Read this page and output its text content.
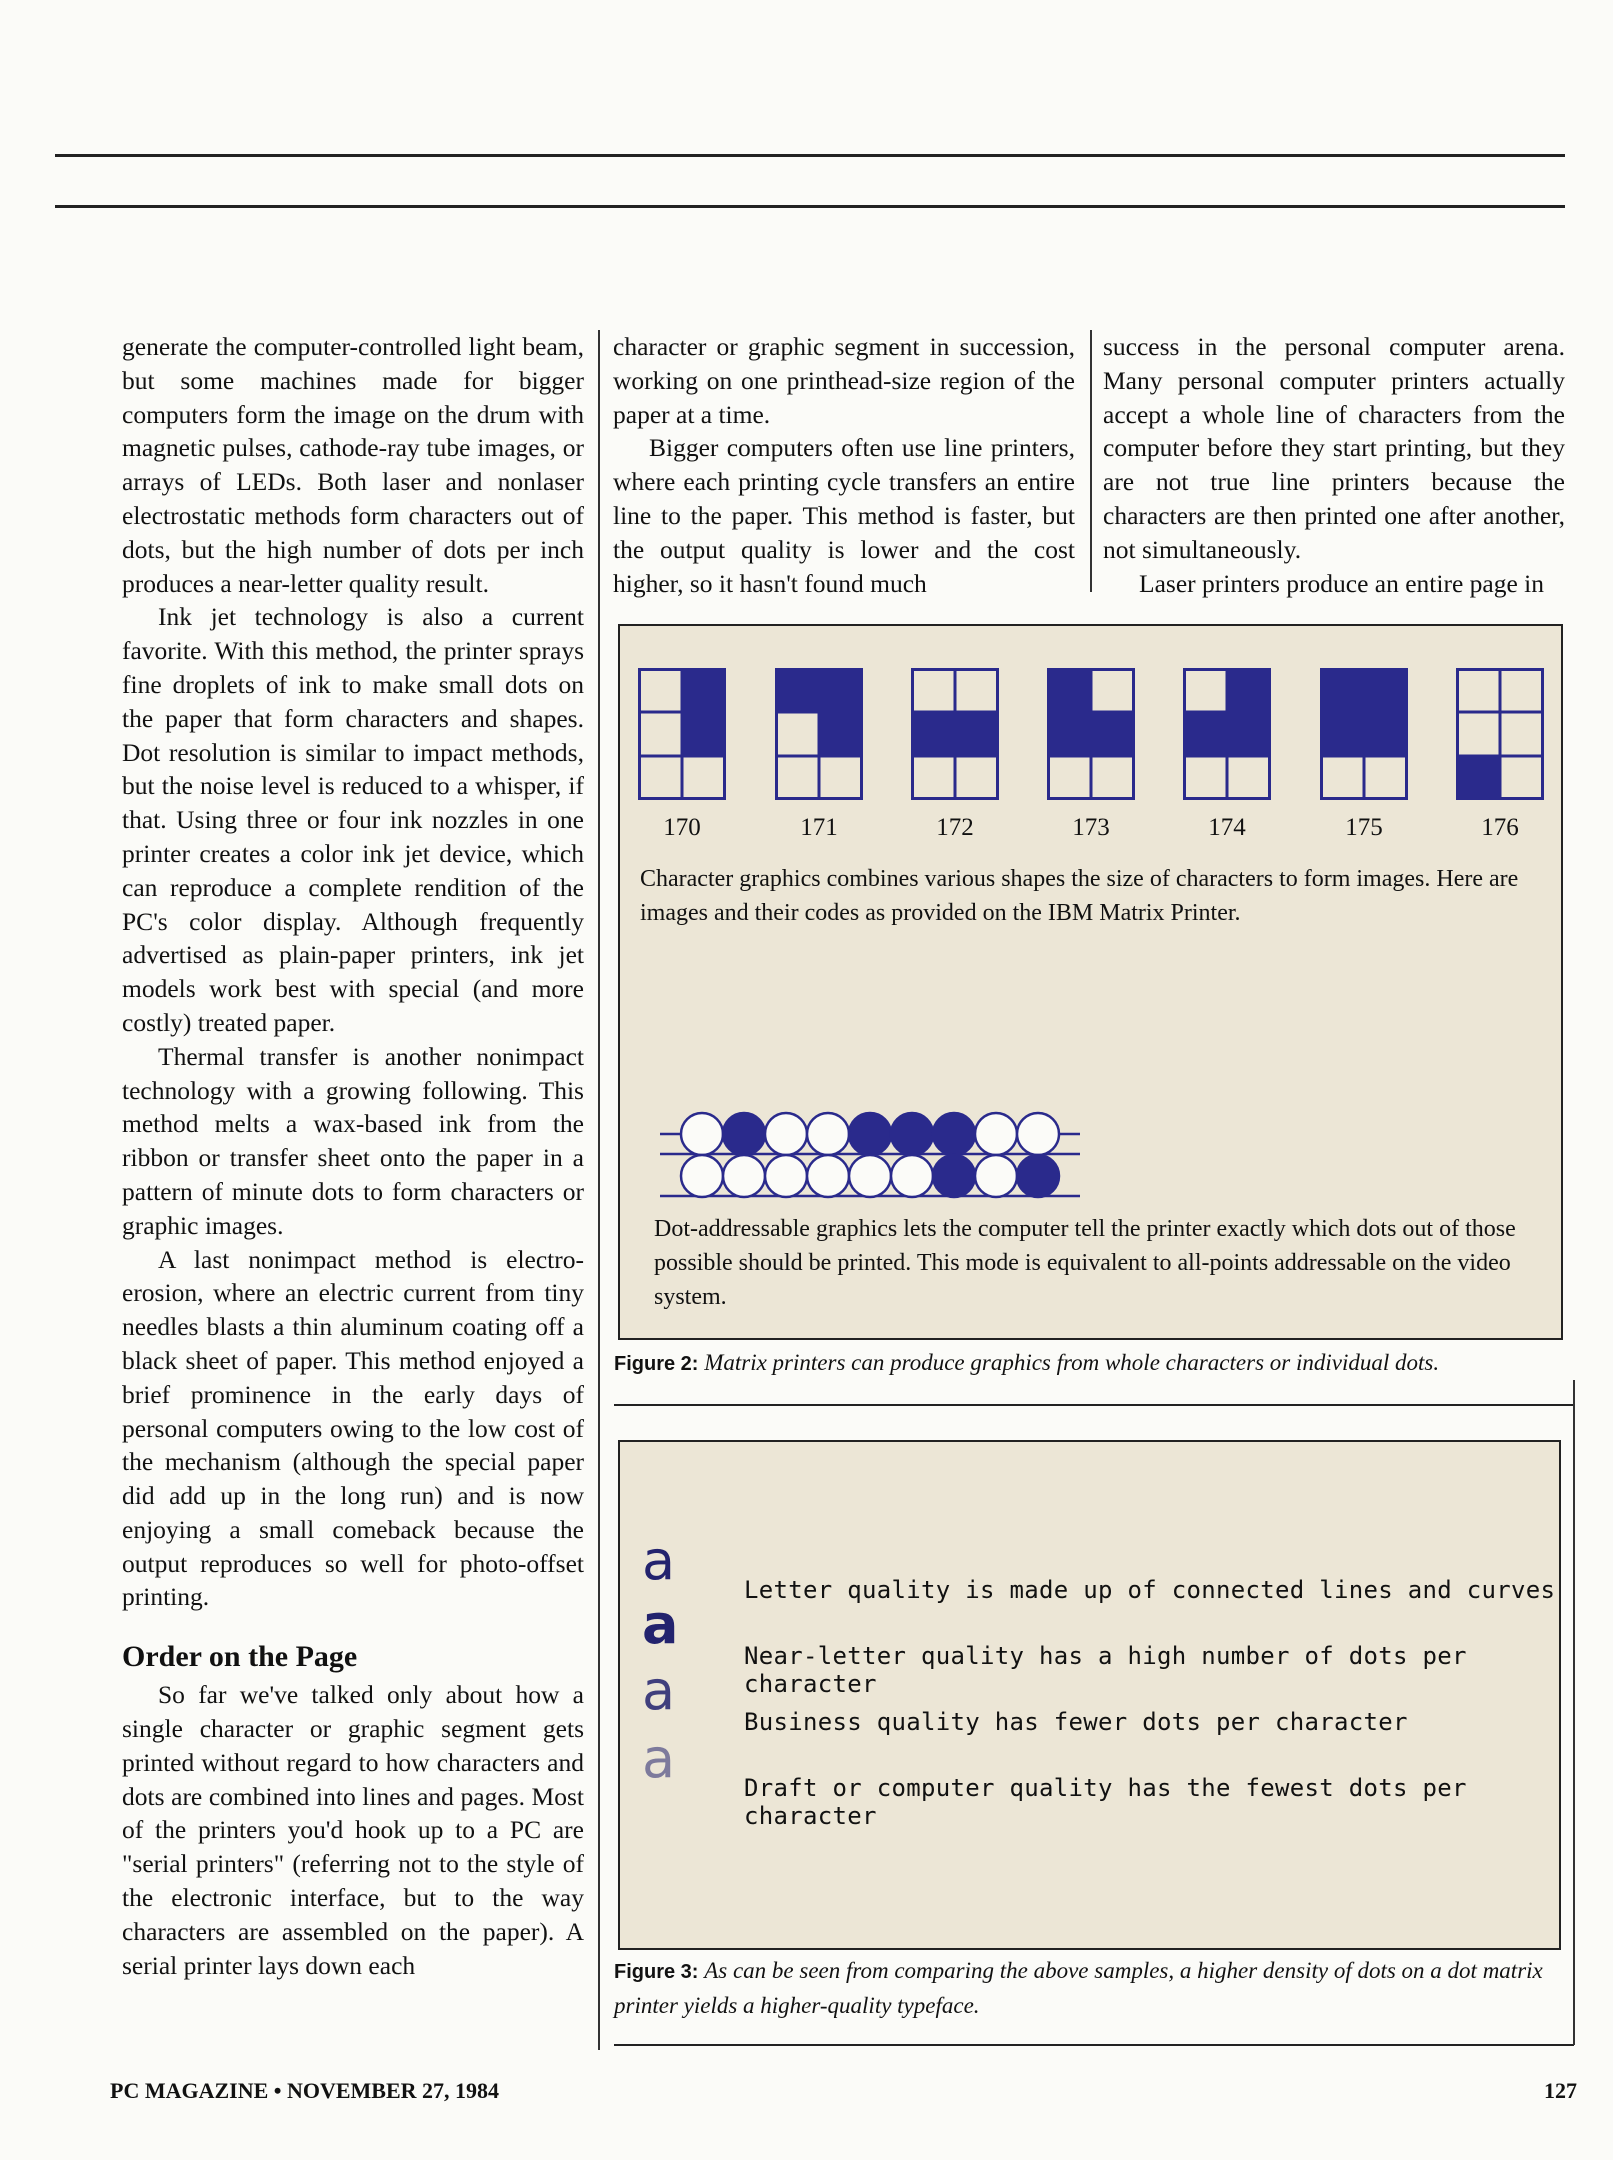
generate the computer-controlled light beam, but some machines made for bigger computers form the image on the drum with magnetic pulses, cathode-ray tube images, or arrays of LEDs. Both laser and nonlaser electrostatic methods form characters out of dots, but the high number of dots per inch produces a near-letter quality result.

Ink jet technology is also a current favorite. With this method, the printer sprays fine droplets of ink to make small dots on the paper that form characters and shapes. Dot resolution is similar to impact methods, but the noise level is reduced to a whisper, if that. Using three or four ink nozzles in one printer creates a color ink jet device, which can reproduce a complete rendition of the PC's color display. Although frequently advertised as plain-paper printers, ink jet models work best with special (and more costly) treated paper.

Thermal transfer is another nonimpact technology with a growing following. This method melts a wax-based ink from the ribbon or transfer sheet onto the paper in a pattern of minute dots to form characters or graphic images.

A last nonimpact method is electro-erosion, where an electric current from tiny needles blasts a thin aluminum coating off a black sheet of paper. This method enjoyed a brief prominence in the early days of personal computers owing to the low cost of the mechanism (although the special paper did add up in the long run) and is now enjoying a small comeback because the output reproduces so well for photo-offset printing.

Order on the Page

So far we've talked only about how a single character or graphic segment gets printed without regard to how characters and dots are combined into lines and pages. Most of the printers you'd hook up to a PC are "serial printers" (referring not to the style of the electronic interface, but to the way characters are assembled on the paper). A serial printer lays down each

character or graphic segment in succession, working on one printhead-size region of the paper at a time.

Bigger computers often use line printers, where each printing cycle transfers an entire line to the paper. This method is faster, but the output quality is lower and the cost higher, so it hasn't found much

success in the personal computer arena. Many personal computer printers actually accept a whole line of characters from the computer before they start printing, but they are not true line printers because the characters are then printed one after another, not simultaneously.

Laser printers produce an entire page in

170	171	172	173	174	175	176
Character graphics combines various shapes the size of characters to form images. Here are images and their codes as provided on the IBM Matrix Printer.
Dot-addressable graphics lets the computer tell the printer exactly which dots out of those possible should be printed. This mode is equivalent to all-points addressable on the video system.
Figure 2: Matrix printers can produce graphics from whole characters or individual dots.
a	Letter quality is made up of connected lines and curves
a	Near-letter quality has a high number of dots per character
a	Business quality has fewer dots per character
a	Draft or computer quality has the fewest dots per character
Figure 3: As can be seen from comparing the above samples, a higher density of dots on a dot matrix printer yields a higher-quality typeface.
PC MAGAZINE • NOVEMBER 27, 1984	127
